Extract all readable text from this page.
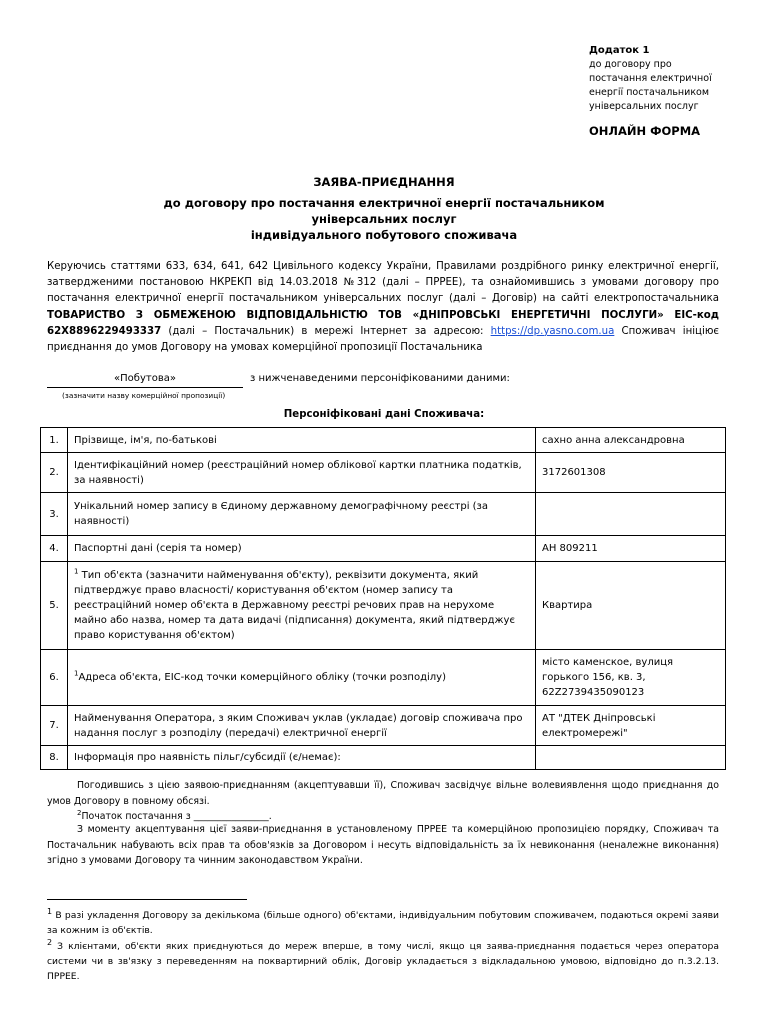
Додаток 1
до договору про
постачання електричної
енергії постачальником
універсальних послуг
ОНЛАЙН ФОРМА
ЗАЯВА-ПРИЄДНАННЯ
до договору про постачання електричної енергії постачальником
універсальних послуг
індивідуального побутового споживача
Керуючись статтями 633, 634, 641, 642 Цивільного кодексу України, Правилами роздрібного ринку електричної енергії, затвердженими постановою НКРЕКП від 14.03.2018 №312 (далі – ПРРЕЕ), та ознайомившись з умовами договору про постачання електричної енергії постачальником універсальних послуг (далі – Договір) на сайті електропостачальника ТОВАРИСТВО З ОБМЕЖЕНОЮ ВІДПОВІДАЛЬНІСТЮ ТОВ «ДНІПРОВСЬКІ ЕНЕРГЕТИЧНІ ПОСЛУГИ» ЕІС-код 62X8896229493337 (далі – Постачальник) в мережі Інтернет за адресою: https://dp.yasno.com.ua Споживач ініціює приєднання до умов Договору на умовах комерційної пропозиції Постачальника
«Побутова»	з нижченаведеними персоніфікованими даними:
(зазначити назву комерційної пропозиції)
Персоніфіковані дані Споживача:
1.	Прізвище, ім'я, по-батькові	сахно анна александровна
2.	Ідентифікаційний номер (реєстраційний номер облікової картки платника податків, за наявності)	3172601308
3.	Унікальний номер запису в Єдиному державному демографічному реєстрі (за наявності)	
4.	Паспортні дані (серія та номер)	АН 809211
5.	$^1$ Тип об'єкта (зазначити найменування об'єкту), реквізити документа, який підтверджує право власності/ користування об'єктом (номер запису та реєстраційний номер об'єкта в Державному реєстрі речових прав на нерухоме майно або назва, номер та дата видачі (підписання) документа, який підтверджує право користування об'єктом)	Квартира
6.	$^1$Адреса об'єкта, ЕІС-код точки комерційного обліку (точки розподілу)	місто каменское, вулиця горького 156, кв. 3, 62Z2739435090123
7.	Найменування Оператора, з яким Споживач уклав (укладає) договір споживача про надання послуг з розподілу (передачі) електричної енергії	АТ "ДТЕК Дніпровські електромережі"
8.	Інформація про наявність пільг/субсидії (є/немає):	
Погодившись з цією заявою-приєднанням (акцептувавши її), Споживач засвідчує вільне волевиявлення щодо приєднання до умов Договору в повному обсязі.
$^2$Початок постачання з ________________.
З моменту акцептування цієї заяви-приєднання в установленому ПРРЕЕ та комерційною пропозицією порядку, Споживач та Постачальник набувають всіх прав та обов'язків за Договором і несуть відповідальність за їх невиконання (неналежне виконання) згідно з умовами Договору та чинним законодавством України.
$^1$ В разі укладення Договору за декількома (більше одного) об'єктами, індивідуальним побутовим споживачем, подаються окремі заяви за кожним із об'єктів.
$^2$ З клієнтами, об'єкти яких приєднуються до мереж вперше, в тому числі, якщо ця заява-приєднання подається через оператора системи чи в зв'язку з переведенням на поквартирний облік, Договір укладається з відкладальною умовою, відповідно до п.3.2.13. ПРРЕЕ.
